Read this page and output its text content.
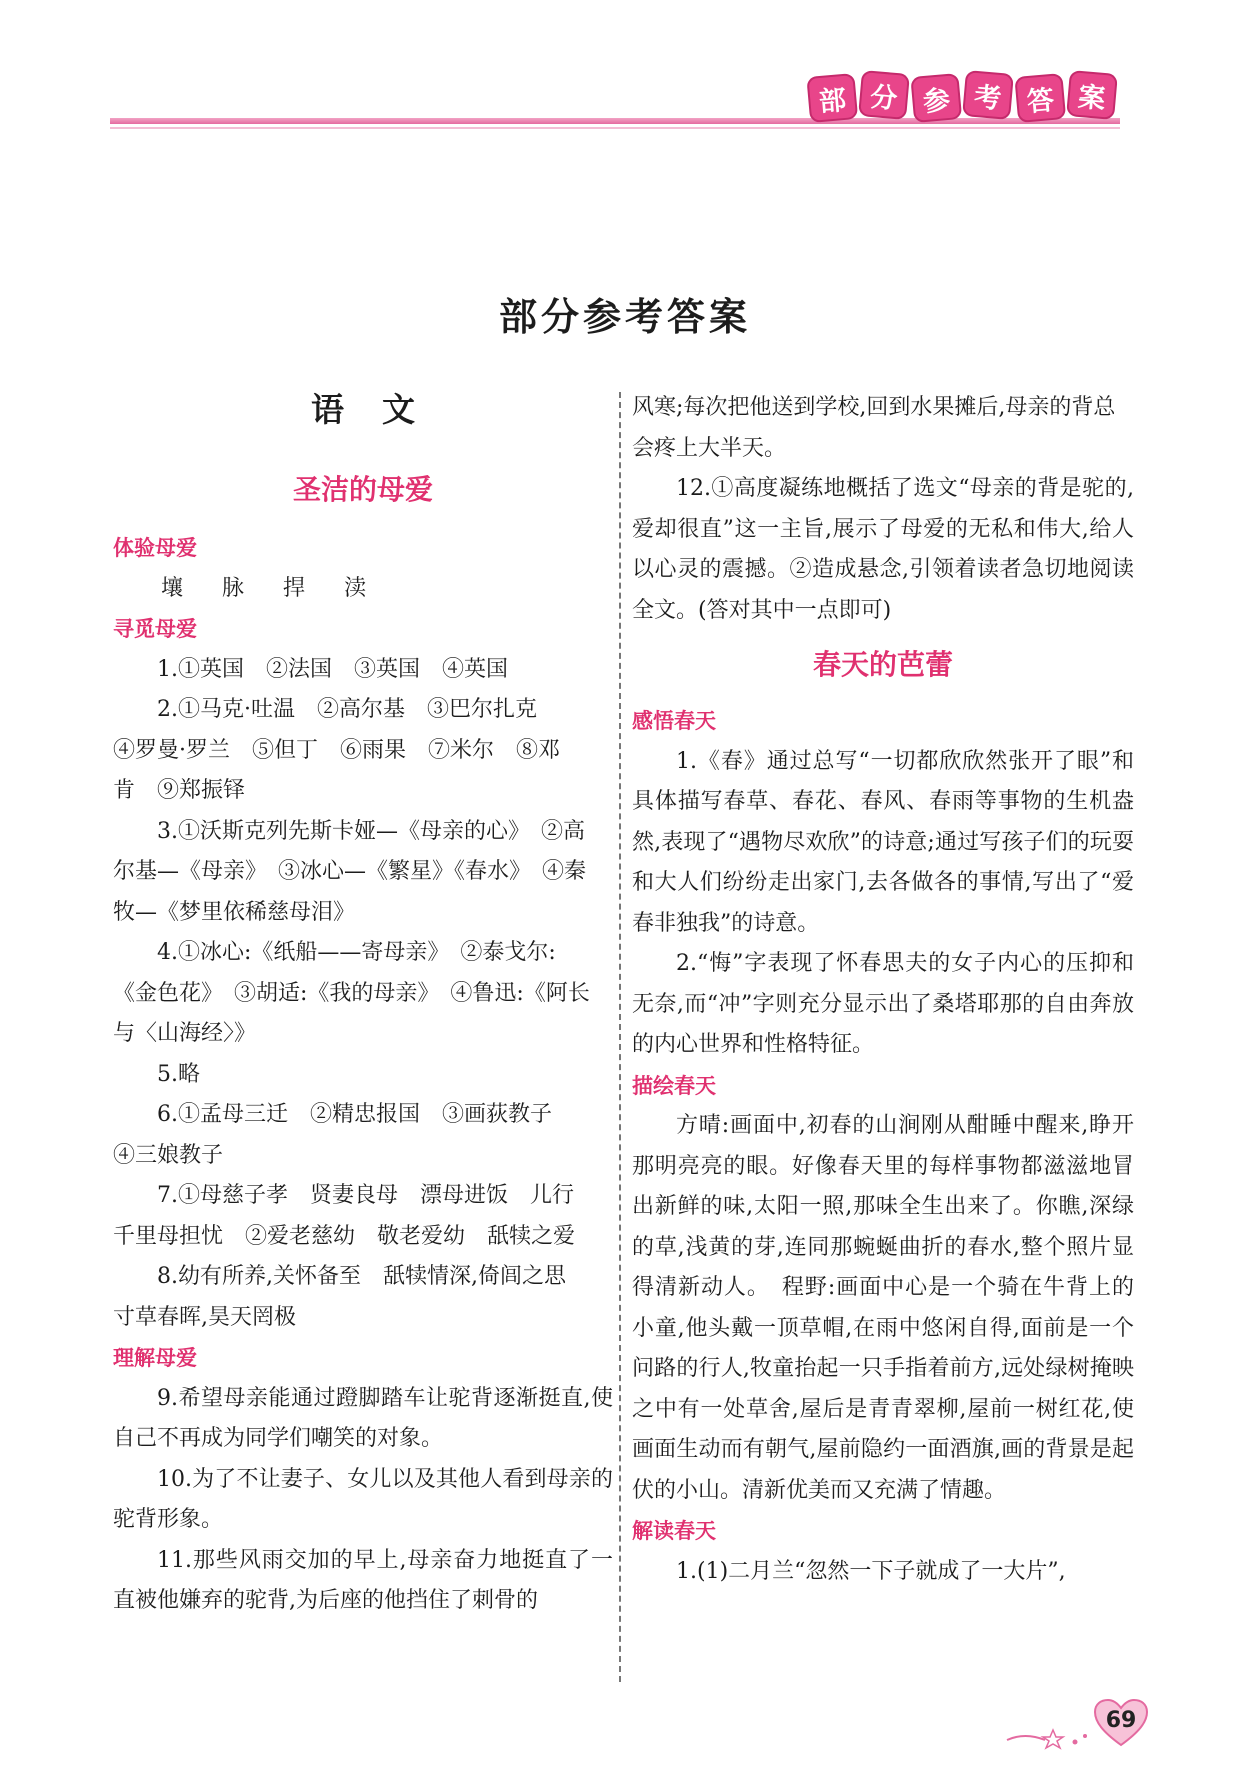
部 分 参 考 答 案
部分参考答案
语文
圣洁的母爱
体验母爱
壤 脉 捍 渎
寻觅母爱
1.①英国　②法国　③英国　④英国
2.①马克·吐温　②高尔基　③巴尔扎克
④罗曼·罗兰　⑤但丁　⑥雨果　⑦米尔　⑧邓
肯　⑨郑振铎
3.①沃斯克列先斯卡娅—《母亲的心》　②高
尔基—《母亲》　③冰心—《繁星》《春水》　④秦
牧—《梦里依稀慈母泪》
4.①冰心:《纸船——寄母亲》　②泰戈尔:
《金色花》　③胡适:《我的母亲》　④鲁迅:《阿长
与〈山海经〉》
5.略
6.①孟母三迁　②精忠报国　③画荻教子
④三娘教子
7.①母慈子孝　贤妻良母　漂母进饭　儿行
千里母担忧　②爱老慈幼　敬老爱幼　舐犊之爱
8.幼有所养,关怀备至　舐犊情深,倚闾之思
寸草春晖,昊天罔极
理解母爱
9.希望母亲能通过蹬脚踏车让驼背逐渐挺直,使自己不再成为同学们嘲笑的对象。
10.为了不让妻子、女儿以及其他人看到母亲的驼背形象。
11.那些风雨交加的早上,母亲奋力地挺直了一直被他嫌弃的驼背,为后座的他挡住了刺骨的
风寒;每次把他送到学校,回到水果摊后,母亲的背总会疼上大半天。
12.①高度凝练地概括了选文“母亲的背是驼的,爱却很直”这一主旨,展示了母爱的无私和伟大,给人以心灵的震撼。②造成悬念,引领着读者急切地阅读全文。(答对其中一点即可)
春天的芭蕾
感悟春天
1.《春》通过总写“一切都欣欣然张开了眼”和具体描写春草、春花、春风、春雨等事物的生机盎然,表现了“遇物尽欢欣”的诗意;通过写孩子们的玩耍和大人们纷纷走出家门,去各做各的事情,写出了“爱春非独我”的诗意。
2.“悔”字表现了怀春思夫的女子内心的压抑和无奈,而“冲”字则充分显示出了桑塔耶那的自由奔放的内心世界和性格特征。
描绘春天
方晴:画面中,初春的山涧刚从酣睡中醒来,睁开那明亮亮的眼。好像春天里的每样事物都滋滋地冒出新鲜的味,太阳一照,那味全生出来了。你瞧,深绿的草,浅黄的芽,连同那蜿蜒曲折的春水,整个照片显得清新动人。　程野:画面中心是一个骑在牛背上的小童,他头戴一顶草帽,在雨中悠闲自得,面前是一个问路的行人,牧童抬起一只手指着前方,远处绿树掩映之中有一处草舍,屋后是青青翠柳,屋前一树红花,使画面生动而有朝气,屋前隐约一面酒旗,画的背景是起伏的小山。清新优美而又充满了情趣。
解读春天
1.(1)二月兰“忽然一下子就成了一大片”,
69
